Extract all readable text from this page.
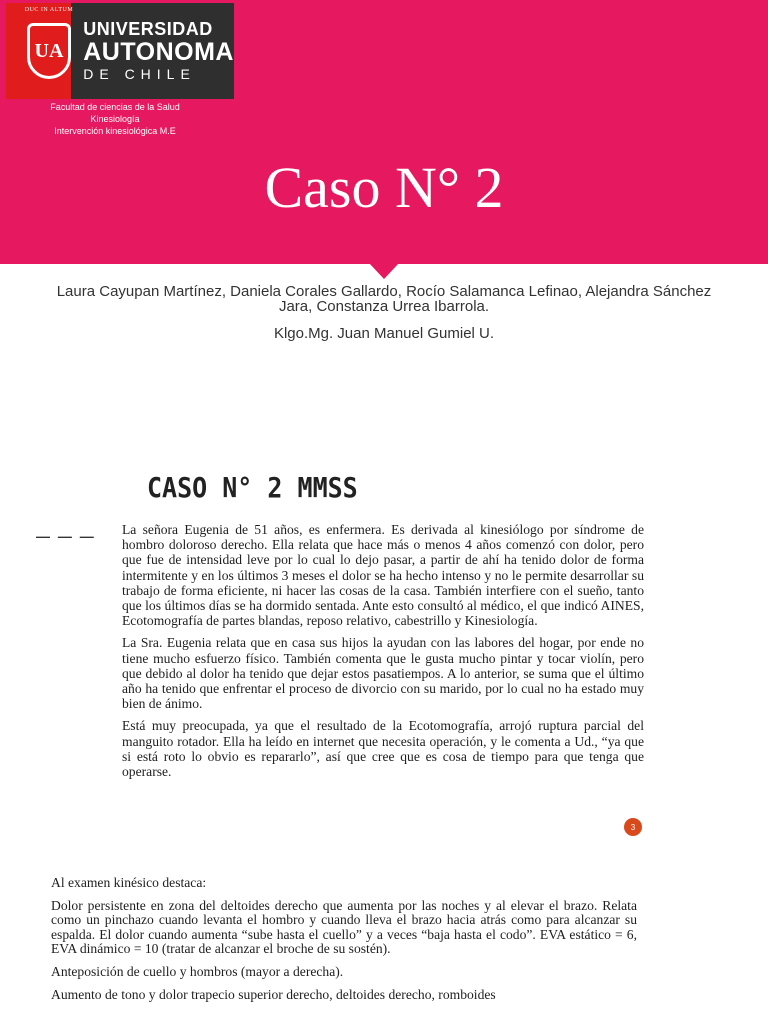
DUC IN ALTUM
UA
UNIVERSIDAD
AUTONOMA
DE CHILE
Facultad de ciencias de la Salud
Kinesiología
Intervención kinesiológica M.E
Caso N° 2
Laura Cayupan Martínez, Daniela Corales Gallardo, Rocío Salamanca Lefinao, Alejandra Sánchez Jara, Constanza Urrea Ibarrola.
Klgo.Mg. Juan Manuel Gumiel U.
CASO N° 2 MMSS
— — — La señora Eugenia de 51 años, es enfermera. Es derivada al kinesiólogo por síndrome de hombro doloroso derecho. Ella relata que hace más o menos 4 años comenzó con dolor, pero que fue de intensidad leve por lo cual lo dejo pasar, a partir de ahí ha tenido dolor de forma intermitente y en los últimos 3 meses el dolor se ha hecho intenso y no le permite desarrollar su trabajo de forma eficiente, ni hacer las cosas de la casa. También interfiere con el sueño, tanto que los últimos días se ha dormido sentada. Ante esto consultó al médico, el que indicó AINES, Ecotomografía de partes blandas, reposo relativo, cabestrillo y Kinesiología.

La Sra. Eugenia relata que en casa sus hijos la ayudan con las labores del hogar, por ende no tiene mucho esfuerzo físico. También comenta que le gusta mucho pintar y tocar violín, pero que debido al dolor ha tenido que dejar estos pasatiempos. A lo anterior, se suma que el último año ha tenido que enfrentar el proceso de divorcio con su marido, por lo cual no ha estado muy bien de ánimo.

Está muy preocupada, ya que el resultado de la Ecotomografía, arrojó ruptura parcial del manguito rotador. Ella ha leído en internet que necesita operación, y le comenta a Ud., “ya que si está roto lo obvio es repararlo”, así que cree que es cosa de tiempo para que tenga que operarse.

3

Al examen kinésico destaca:

Dolor persistente en zona del deltoides derecho que aumenta por las noches y al elevar el brazo. Relata como un pinchazo cuando levanta el hombro y cuando lleva el brazo hacia atrás como para alcanzar su espalda. El dolor cuando aumenta “sube hasta el cuello” y a veces “baja hasta el codo”. EVA estático = 6, EVA dinámico = 10 (tratar de alcanzar el broche de su sostén).

Anteposición de cuello y hombros (mayor a derecha).

Aumento de tono y dolor trapecio superior derecho, deltoides derecho, romboides
